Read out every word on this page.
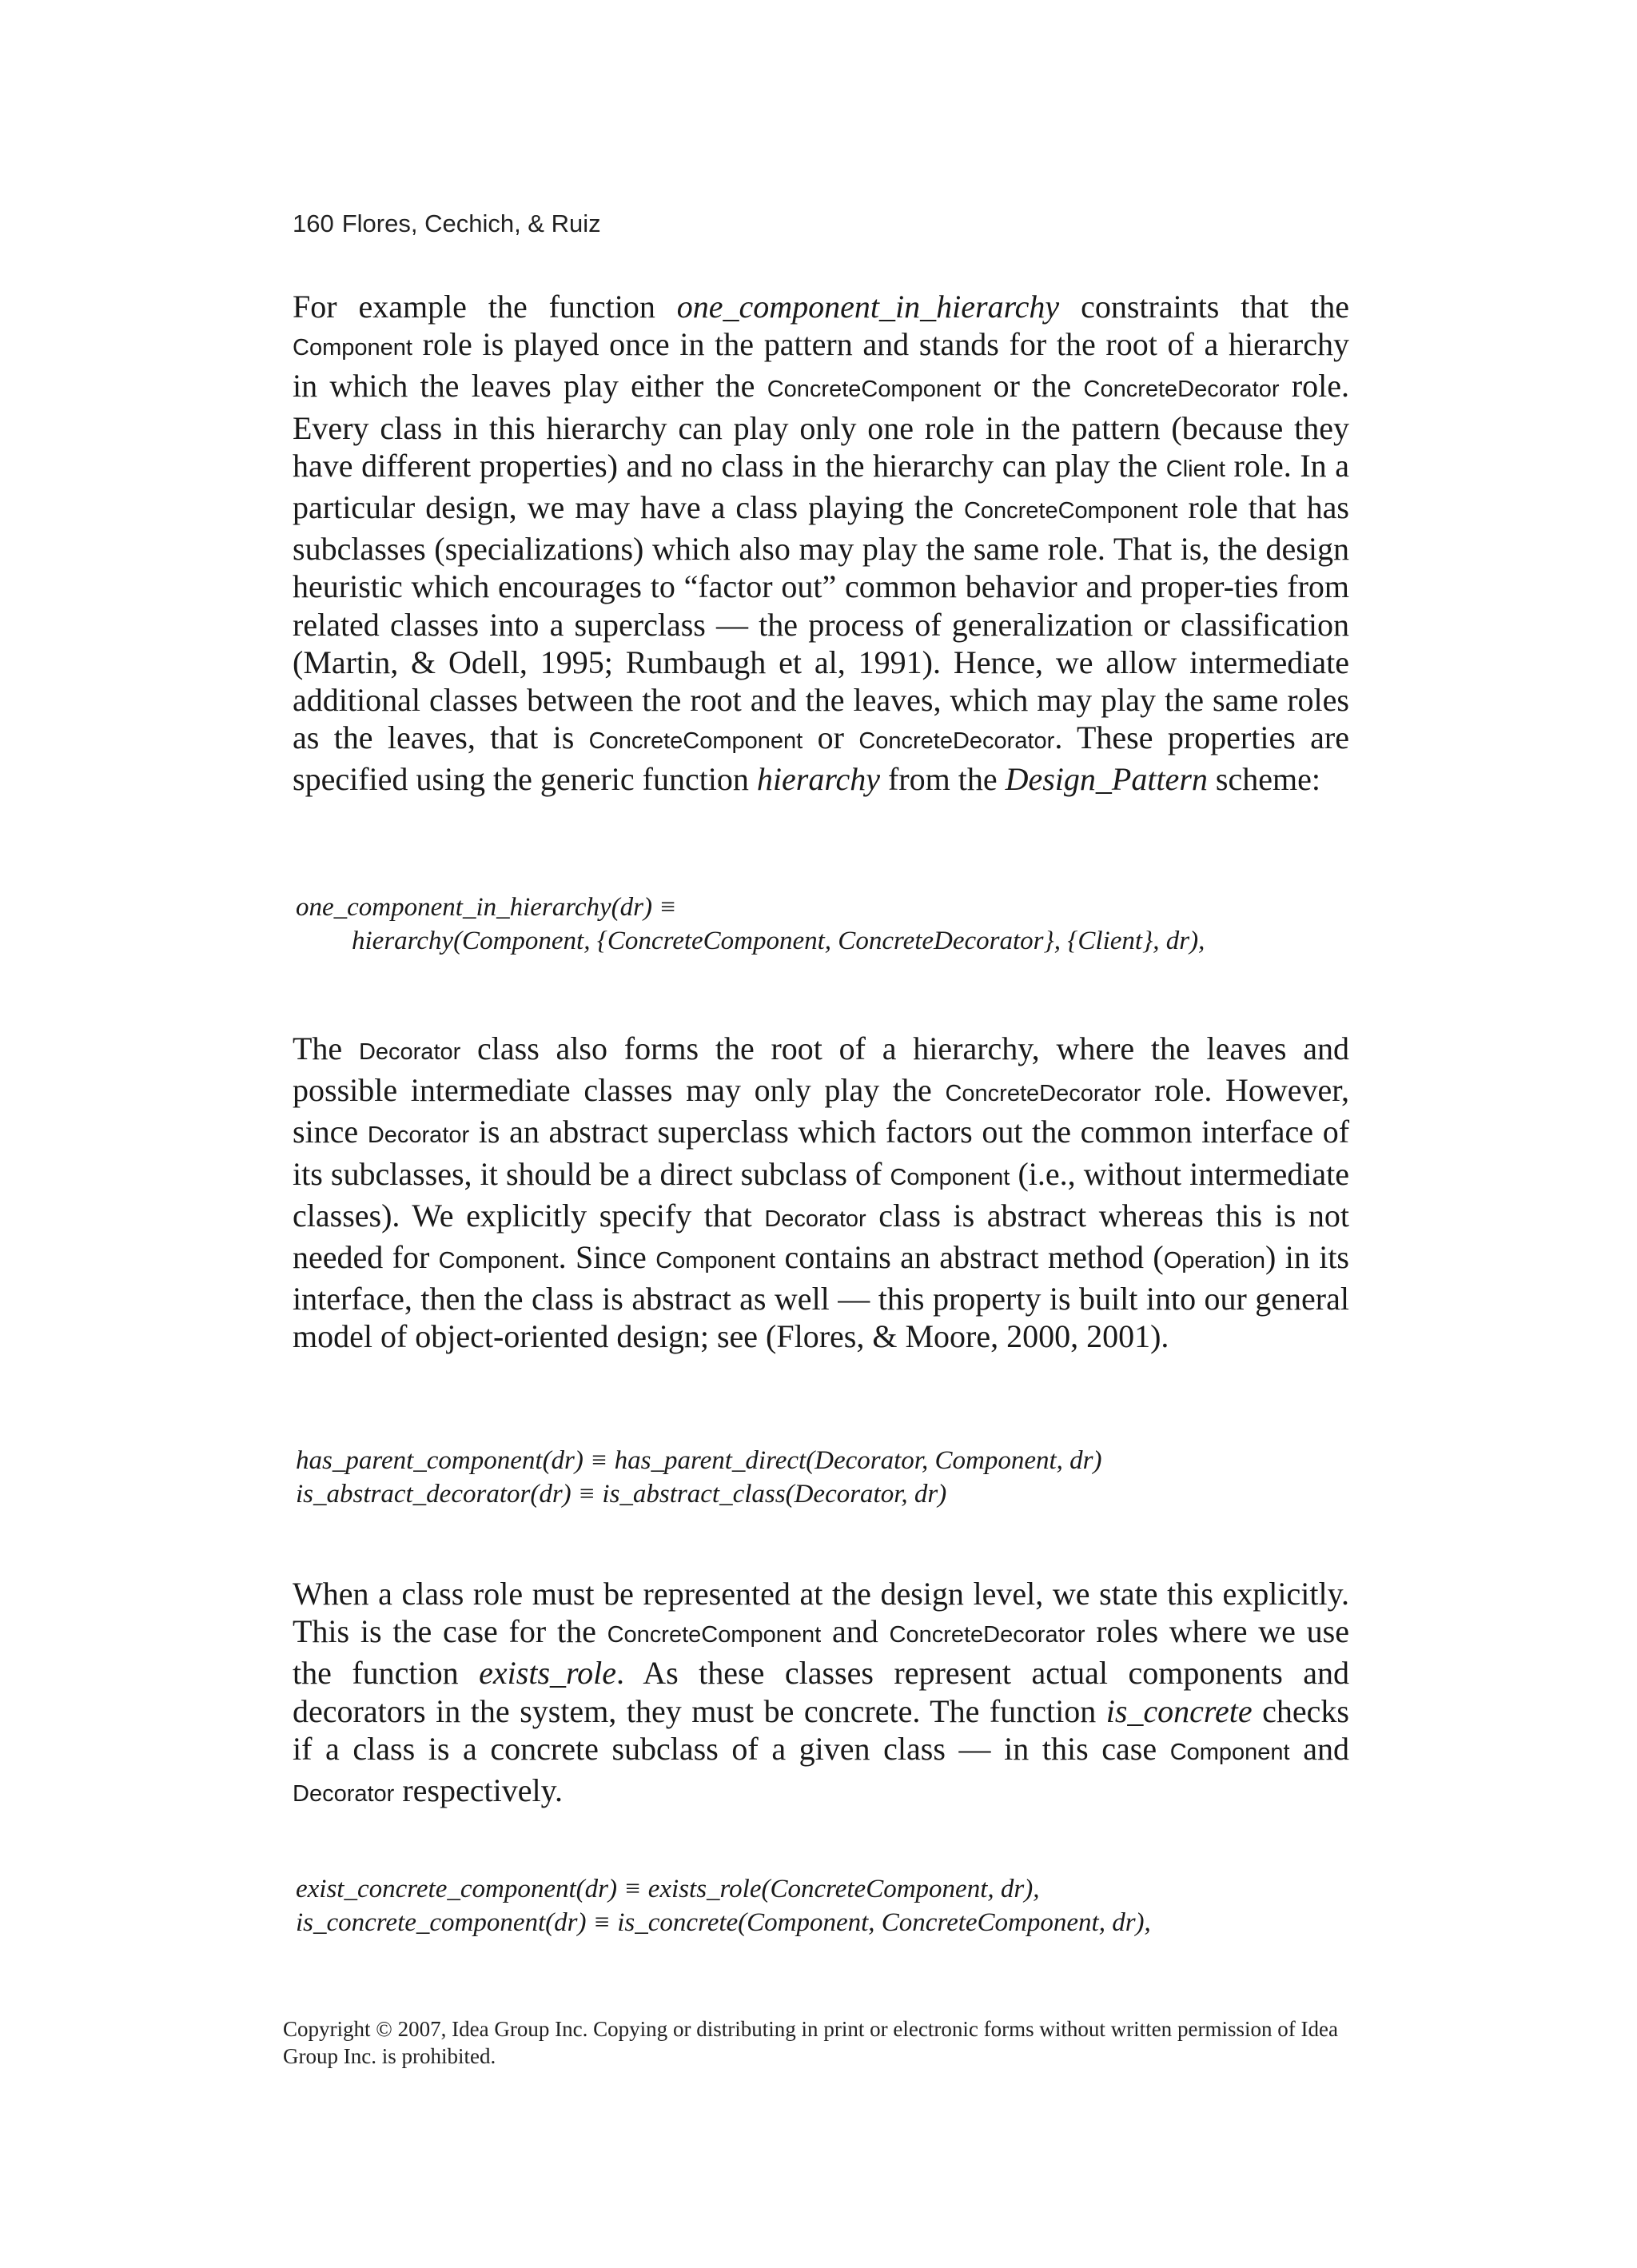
160 Flores, Cechich, & Ruiz
For example the function one_component_in_hierarchy constraints that the Component role is played once in the pattern and stands for the root of a hierarchy in which the leaves play either the ConcreteComponent or the ConcreteDecorator role. Every class in this hierarchy can play only one role in the pattern (because they have different properties) and no class in the hierarchy can play the Client role. In a particular design, we may have a class playing the ConcreteComponent role that has subclasses (specializations) which also may play the same role. That is, the design heuristic which encourages to “factor out” common behavior and proper-ties from related classes into a superclass — the process of generalization or classification (Martin, & Odell, 1995; Rumbaugh et al, 1991). Hence, we allow intermediate additional classes between the root and the leaves, which may play the same roles as the leaves, that is ConcreteComponent or ConcreteDecorator. These properties are specified using the generic function hierarchy from the Design_Pattern scheme:
one_component_in_hierarchy(dr) ≡
hierarchy(Component, {ConcreteComponent, ConcreteDecorator}, {Client}, dr),
The Decorator class also forms the root of a hierarchy, where the leaves and possible intermediate classes may only play the ConcreteDecorator role. However, since Decorator is an abstract superclass which factors out the common interface of its subclasses, it should be a direct subclass of Component (i.e., without intermediate classes). We explicitly specify that Decorator class is abstract whereas this is not needed for Component. Since Component contains an abstract method (Operation) in its interface, then the class is abstract as well — this property is built into our general model of object-oriented design; see (Flores, & Moore, 2000, 2001).
has_parent_component(dr) ≡ has_parent_direct(Decorator, Component, dr)
is_abstract_decorator(dr) ≡ is_abstract_class(Decorator, dr)
When a class role must be represented at the design level, we state this explicitly. This is the case for the ConcreteComponent and ConcreteDecorator roles where we use the function exists_role. As these classes represent actual components and decorators in the system, they must be concrete. The function is_concrete checks if a class is a concrete subclass of a given class — in this case Component and Decorator respectively.
exist_concrete_component(dr) ≡ exists_role(ConcreteComponent, dr),
is_concrete_component(dr) ≡ is_concrete(Component, ConcreteComponent, dr),
Copyright © 2007, Idea Group Inc. Copying or distributing in print or electronic forms without written permission of Idea Group Inc. is prohibited.
